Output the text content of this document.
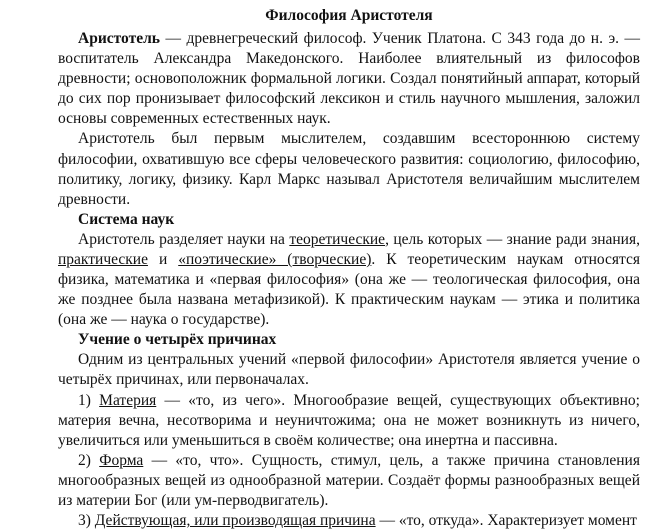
Философия Аристотеля

Аристотель — древнегреческий философ. Ученик Платона. С 343 года до н. э. — воспитатель Александра Македонского. Наиболее влиятельный из философов древности; основоположник формальной логики. Создал понятийный аппарат, который до сих пор пронизывает философский лексикон и стиль научного мышления, заложил основы современных естественных наук.

Аристотель был первым мыслителем, создавшим всестороннюю систему философии, охватившую все сферы человеческого развития: социологию, философию, политику, логику, физику. Карл Маркс называл Аристотеля величайшим мыслителем древности.

Система наук

Аристотель разделяет науки на теоретические, цель которых — знание ради знания, практические и «поэтические» (творческие). К теоретическим наукам относятся физика, математика и «первая философия» (она же — теологическая философия, она же позднее была названа метафизикой). К практическим наукам — этика и политика (она же — наука о государстве).

Учение о четырёх причинах

Одним из центральных учений «первой философии» Аристотеля является учение о четырёх причинах, или первоначалах.

1) Материя — «то, из чего». Многообразие вещей, существующих объективно; материя вечна, несотворима и неуничтожима; она не может возникнуть из ничего, увеличиться или уменьшиться в своём количестве; она инертна и пассивна.

2) Форма — «то, что». Сущность, стимул, цель, а также причина становления многообразных вещей из однообразной материи. Создаёт формы разнообразных вещей из материи Бог (или ум-перводвигатель).

3) Действующая, или производящая причина — «то, откуда». Характеризует момент
